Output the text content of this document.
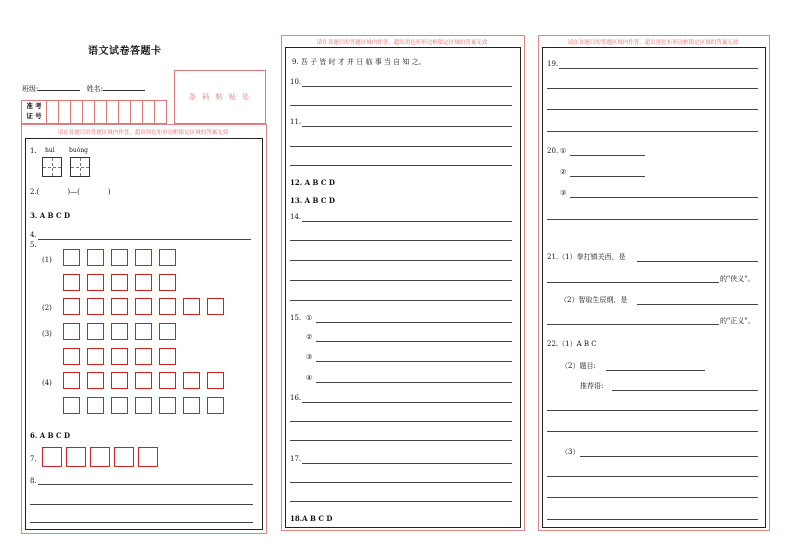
语文试卷答题卡
班级:	姓名:
条 码 粘 贴 处
准 考
证 号
请在各题目的答题区域内作答，超出黑色矩形边框限定区域的答案无效
1. huì buǒng
2.(　　　　)—(　　　　)
3. A B C D
4.
5.
(1)
(2)
(3)
(4)
6. A B C D
7.
8.
请在各题目的答题区域内作答，超出黑色矩形边框限定区域的答案无效
9. 吾 子 皆 时 才 并 日 临 事 当 自 知 之。
10.
11.
12. A B C D
13. A B C D
14.
15. ①
②
③
④
16.
17.
18.A B C D
请在各题目的答题区域内作答，超出黑色矩形边框限定区域的答案无效
19.
20. ①
②
③
21.（1）拳打镇关西，是
的"侠义"。
（2）智取生辰纲，是
的"正义"。
22.（1）A B C
（2）题目:
推荐语:
（3）
